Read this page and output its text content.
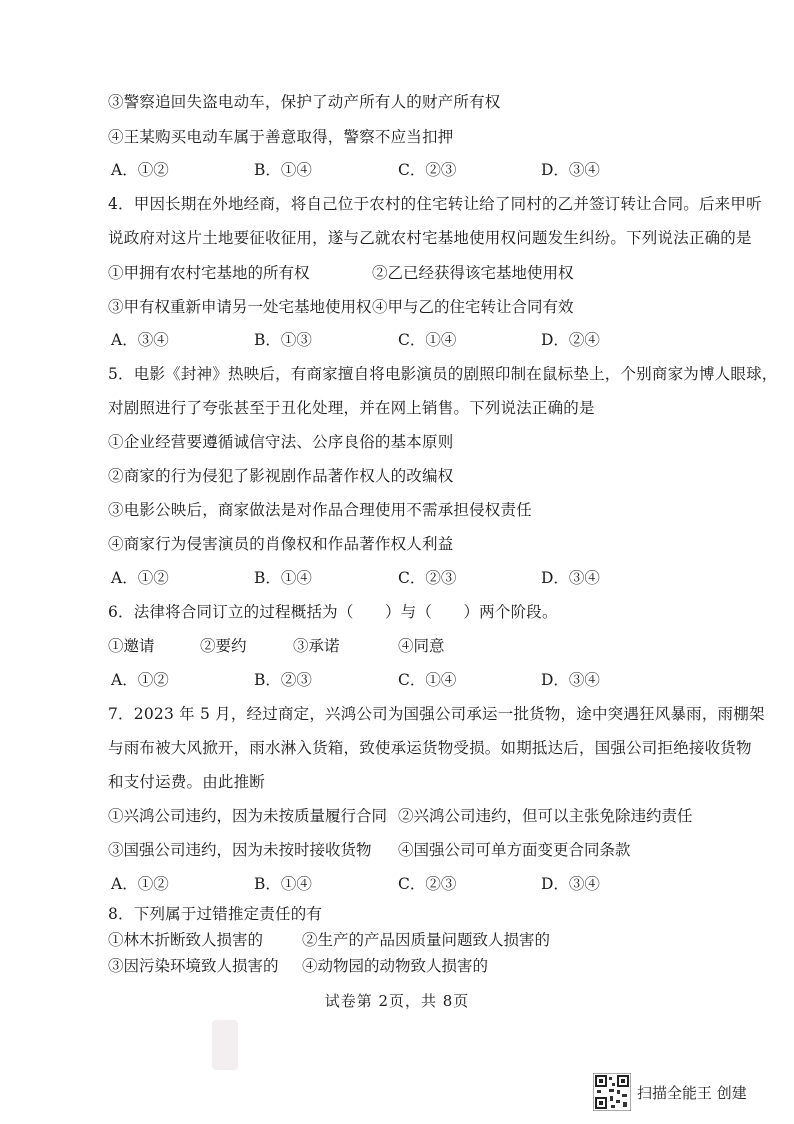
③警察追回失盗电动车，保护了动产所有人的财产所有权
④王某购买电动车属于善意取得，警察不应当扣押
A．①②	B．①④	C．②③	D．③④
4．甲因长期在外地经商，将自己位于农村的住宅转让给了同村的乙并签订转让合同。后来甲听
说政府对这片土地要征收征用，遂与乙就农村宅基地使用权问题发生纠纷。下列说法正确的是
①甲拥有农村宅基地的所有权	②乙已经获得该宅基地使用权
③甲有权重新申请另一处宅基地使用权 ④甲与乙的住宅转让合同有效
A．③④	B．①③	C．①④	D．②④
5．电影《封神》热映后，有商家擅自将电影演员的剧照印制在鼠标垫上，个别商家为博人眼球，
对剧照进行了夸张甚至于丑化处理，并在网上销售。下列说法正确的是
①企业经营要遵循诚信守法、公序良俗的基本原则
②商家的行为侵犯了影视剧作品著作权人的改编权
③电影公映后，商家做法是对作品合理使用不需承担侵权责任
④商家行为侵害演员的肖像权和作品著作权人利益
A．①②	B．①④	C．②③	D．③④
6．法律将合同订立的过程概括为（　　）与（　　）两个阶段。
①邀请	②要约	③承诺	④同意
A．①②	B．②③	C．①④	D．③④
7．2023 年 5 月，经过商定，兴鸿公司为国强公司承运一批货物，途中突遇狂风暴雨，雨棚架
与雨布被大风掀开，雨水淋入货箱，致使承运货物受损。如期抵达后，国强公司拒绝接收货物
和支付运费。由此推断
①兴鸿公司违约，因为未按质量履行合同 ②兴鸿公司违约，但可以主张免除违约责任
③国强公司违约，因为未按时接收货物 ④国强公司可单方面变更合同条款
A．①②	B．①④	C．②③	D．③④
8．下列属于过错推定责任的有
①林木折断致人损害的	②生产的产品因质量问题致人损害的
③因污染环境致人损害的 ④动物园的动物致人损害的
试卷第 2页，共 8页
扫描全能王 创建
